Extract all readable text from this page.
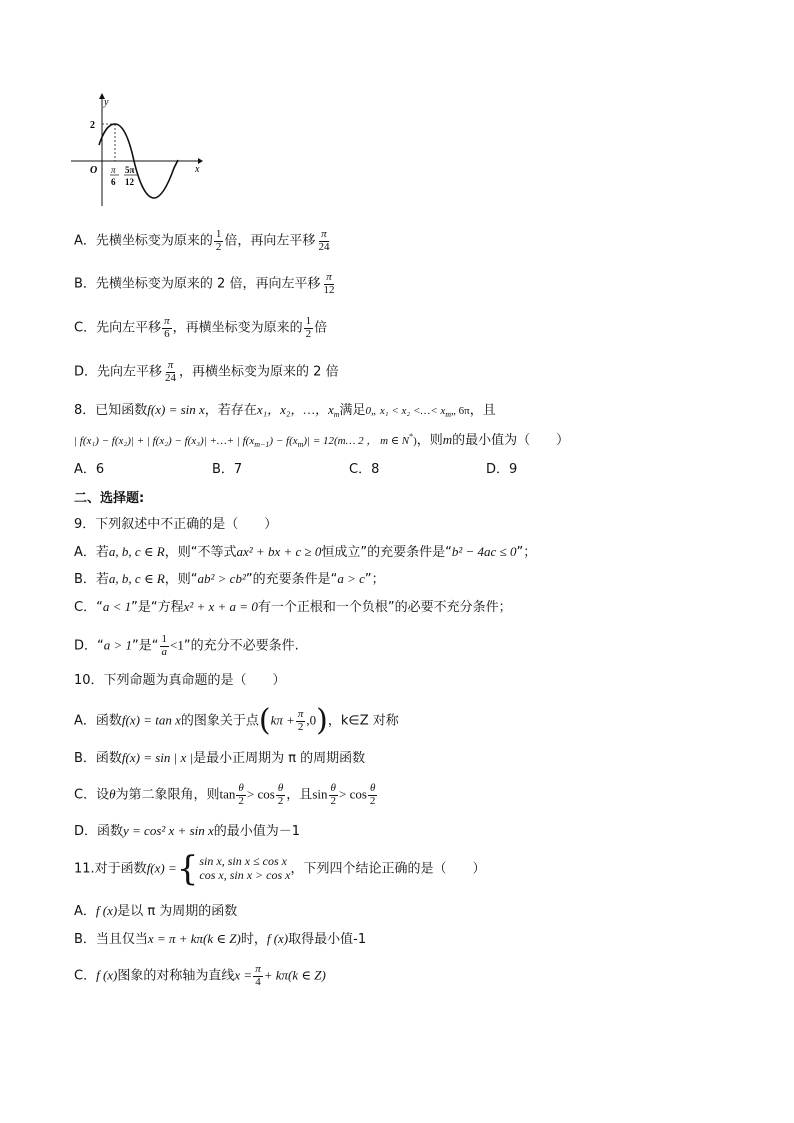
y
x
O
2
π
6
5π
12
A．先横坐标变为原来的 $\frac{1}{2}$ 倍，再向左平移 $\frac{\pi}{24}$
B．先横坐标变为原来的 2 倍，再向左平移 $\frac{\pi}{12}$
C．先向左平移 $\frac{\pi}{6}$ ，再横坐标变为原来的 $\frac{1}{2}$ 倍
D．先向左平移 $\frac{\pi}{24}$ ，再横坐标变为原来的 2 倍
8．已知函数f(x) = sin x，若存在x₁，x₂，…，$x_m$满足0„ x₁ < x₂ <…< $x_m„$ 6π，且
| f(x₁) − f(x₂)| + | f(x₂) − f(x₃)| +…+ | $f(x_{m-1}) - f(x_m)|$ = 12(m… 2 ， m ∈ N*)，则m的最小值为（　　）
A．6	B．7	C．8	D．9
二、选择题:
9．下列叙述中不正确的是（　　）
A．若a, b, c ∈ R，则“不等式ax² + bx + c ≥ 0恒成立”的充要条件是“b² − 4ac ≤ 0”；
B．若a, b, c ∈ R，则“ab² > cb²”的充要条件是“a > c”；
C．“a < 1”是“方程x² + x + a = 0有一个正根和一个负根”的必要不充分条件；
D．“a > 1”是“ $\frac{1}{a} <1$”的充分不必要条件.
10．下列命题为真命题的是（　　）
A．函数f(x) = tan x的图象关于点$(k\pi + \frac{\pi}{2} ,0)$，k∈Z 对称
B．函数f(x) = sin | x |是最小正周期为 π 的周期函数
C．设θ为第二象限角，则$\tan \frac{\theta}{2} > \cos \frac{\theta}{2}$ ，且$\sin \frac{\theta}{2} > \cos \frac{\theta}{2}$
D．函数y = cos² x + sin x的最小值为－1
11.对于函数f(x) = { sin x, sin x ≤ cos x
cos x, sin x > cos x ，下列四个结论正确的是（　　）
A．f (x)是以 π 为周期的函数
B．当且仅当x = π + kπ(k ∈ Z)时，f (x)取得最小值-1
C．f (x)图象的对称轴为直线$x = \frac{\pi}{4} + k\pi(k$ ∈ Z)
